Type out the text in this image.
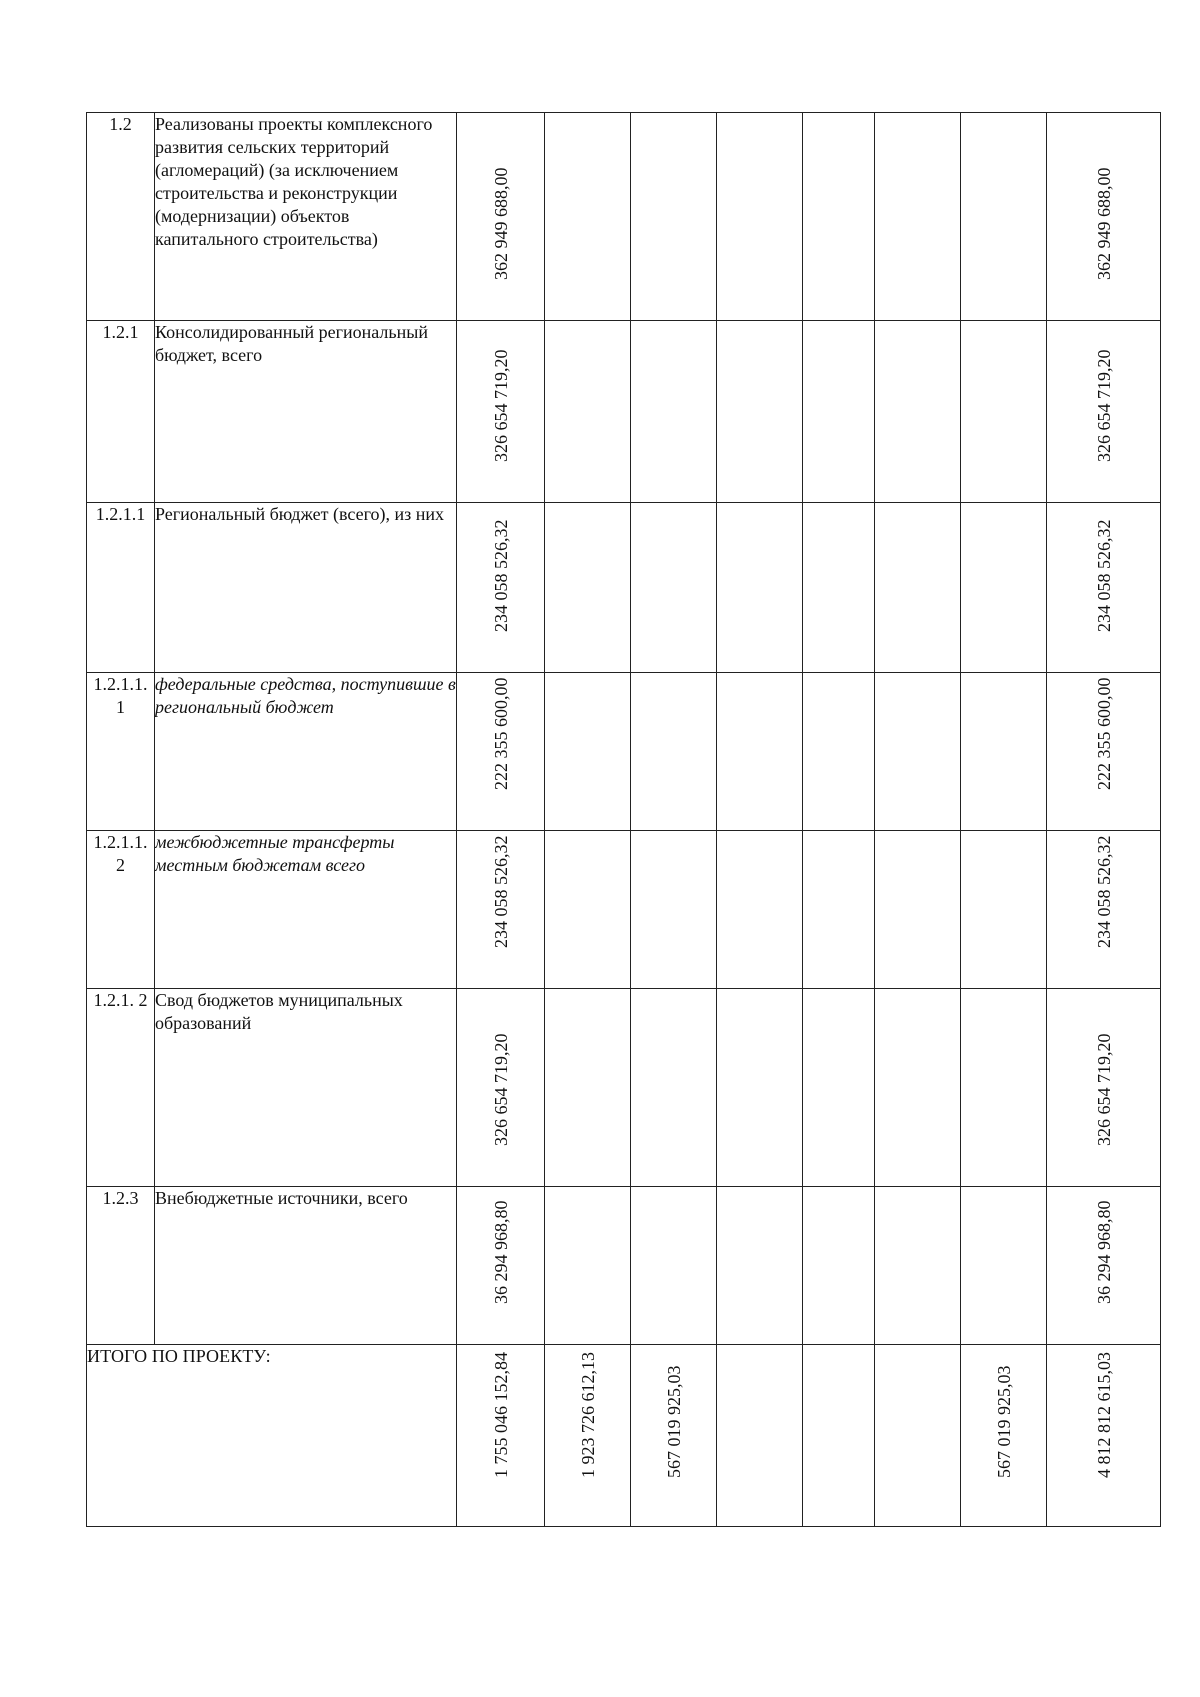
1.2	Реализованы проекты комплексного развития сельских территорий (агломераций) (за исключением строительства и реконструкции (модернизации) объектов капитального строительства)	362 949 688,00							362 949 688,00

1.2.1	Консолидированный региональный бюджет, всего	326 654 719,20							326 654 719,20

1.2.1.1	Региональный бюджет (всего), из них	234 058 526,32							234 058 526,32

1.2.1.1. 1	федеральные средства, поступившие в региональный бюджет	222 355 600,00							222 355 600,00

1.2.1.1. 2	межбюджетные трансферты местным бюджетам всего	234 058 526,32							234 058 526,32

1.2.1. 2	Свод бюджетов муниципальных образований	326 654 719,20							326 654 719,20

1.2.3	Внебюджетные источники, всего	36 294 968,80							36 294 968,80

ИТОГО ПО ПРОЕКТУ:		1 755 046 152,84	1 923 726 612,13	567 019 925,03				567 019 925,03	4 812 812 615,03
